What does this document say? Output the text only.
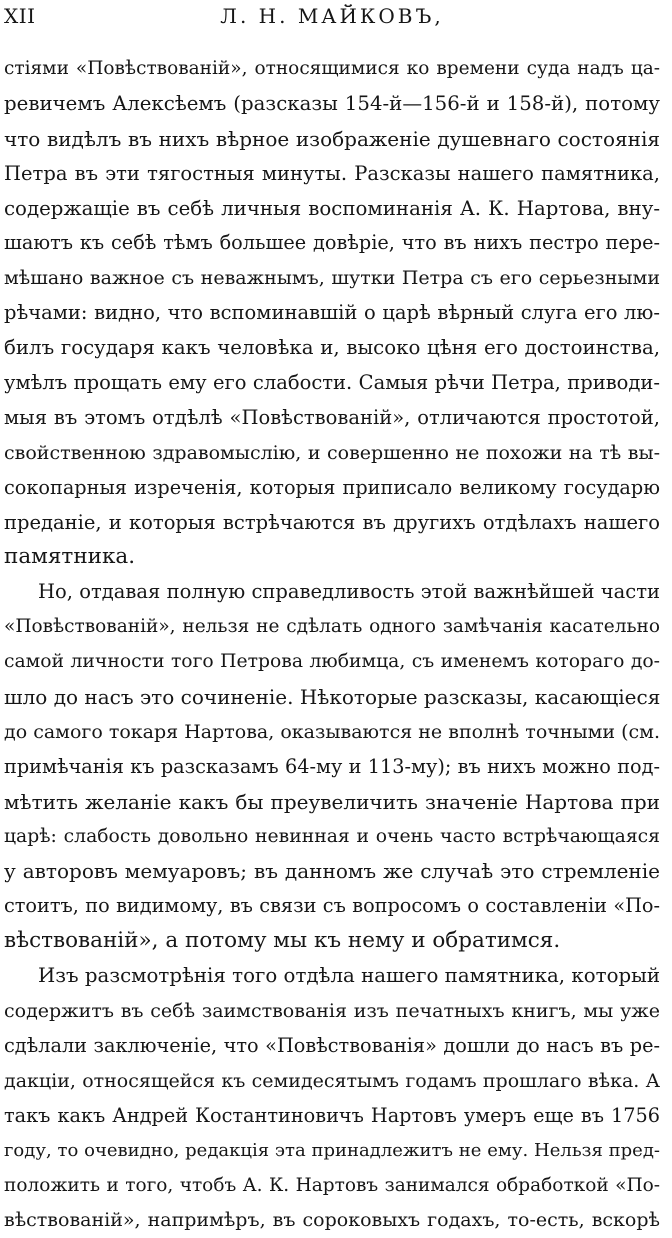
XII	Л. Н. МАЙКОВЪ,
стіями «Повѣствованій», относящимися ко времени суда надъ ца-
ревичемъ Алексѣемъ (разсказы 154-й—156-й и 158-й), потому
что видѣлъ въ нихъ вѣрное изображеніе душевнаго состоянія
Петра въ эти тягостныя минуты. Разсказы нашего памятника,
содержащіе въ себѣ личныя воспоминанія А. К. Нартова, вну-
шаютъ къ себѣ тѣмъ большее довѣріе, что въ нихъ пестро пере-
мѣшано важное съ неважнымъ, шутки Петра съ его серьезными
рѣчами: видно, что вспоминавшій о царѣ вѣрный слуга его лю-
билъ государя какъ человѣка и, высоко цѣня его достоинства,
умѣлъ прощать ему его слабости. Самыя рѣчи Петра, приводи-
мыя въ этомъ отдѣлѣ «Повѣствованій», отличаются простотой,
свойственною здравомыслію, и совершенно не похожи на тѣ вы-
сокопарныя изреченія, которыя приписало великому государю
преданіе, и которыя встрѣчаются въ другихъ отдѣлахъ нашего
памятника.
Но, отдавая полную справедливость этой важнѣйшей части
«Повѣствованій», нельзя не сдѣлать одного замѣчанія касательно
самой личности того Петрова любимца, съ именемъ котораго до-
шло до насъ это сочиненіе. Нѣкоторые разсказы, касающіеся
до самого токаря Нартова, оказываются не вполнѣ точными (см.
примѣчанія къ разсказамъ 64-му и 113-му); въ нихъ можно под-
мѣтить желаніе какъ бы преувеличить значеніе Нартова при
царѣ: слабость довольно невинная и очень часто встрѣчающаяся
у авторовъ мемуаровъ; въ данномъ же случаѣ это стремленіе
стоитъ, по видимому, въ связи съ вопросомъ о составленіи «По-
вѣствованій», а потому мы къ нему и обратимся.
Изъ разсмотрѣнія того отдѣла нашего памятника, который
содержитъ въ себѣ заимствованія изъ печатныхъ книгъ, мы уже
сдѣлали заключеніе, что «Повѣствованія» дошли до насъ въ ре-
дакціи, относящейся къ семидесятымъ годамъ прошлаго вѣка. А
такъ какъ Андрей Костантиновичъ Нартовъ умеръ еще въ 1756
году, то очевидно, редакція эта принадлежитъ не ему. Нельзя пред-
положить и того, чтобъ А. К. Нартовъ занимался обработкой «По-
вѣствованій», напримѣръ, въ сороковыхъ годахъ, то-есть, вскорѣ
